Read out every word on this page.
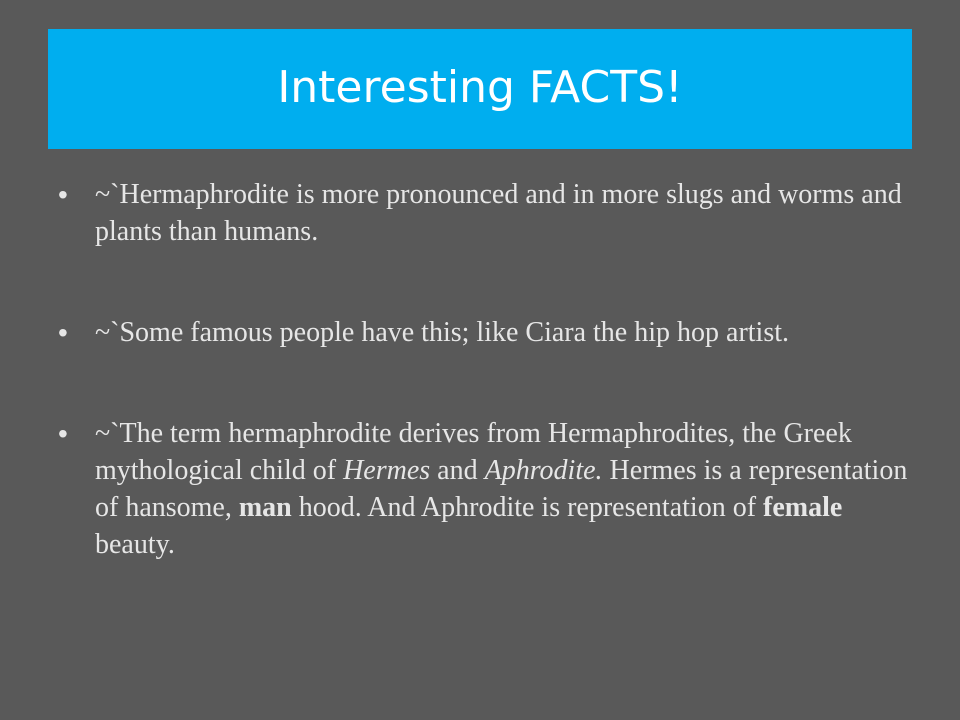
Interesting FACTS!
• ~`Hermaphrodite is more pronounced and in more slugs and worms and plants than humans.
• ~`Some famous people have this; like Ciara the hip hop artist.
• ~`The term hermaphrodite derives from Hermaphrodites, the Greek mythological child of Hermes and Aphrodite. Hermes is a representation of hansome, man hood. And Aphrodite is representation of female beauty.
